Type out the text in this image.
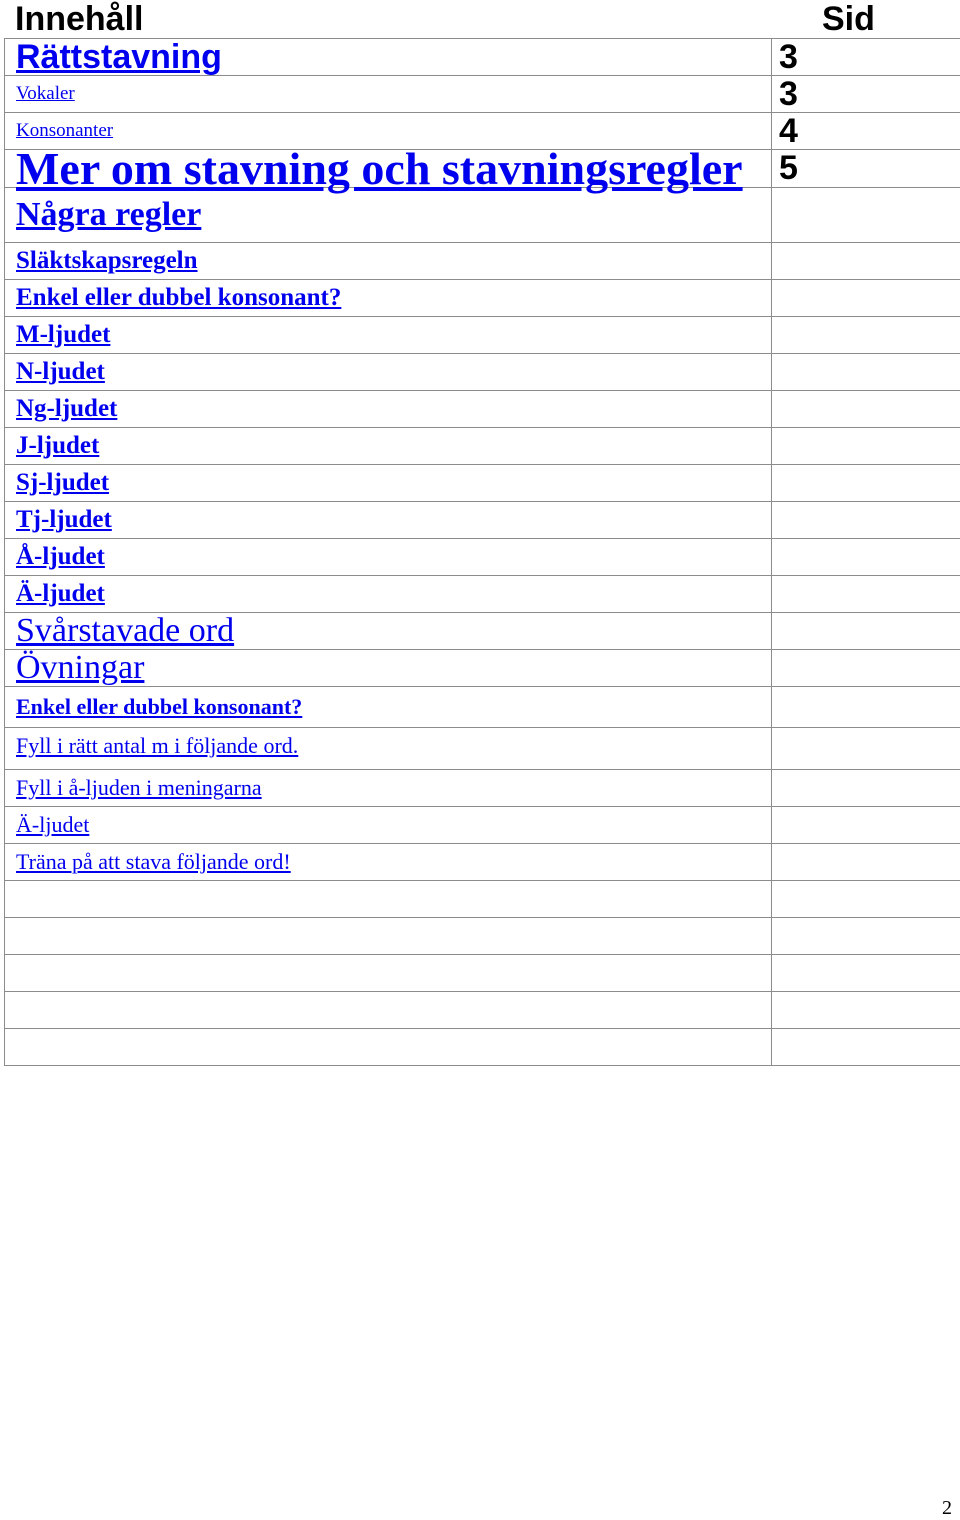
Innehåll	Sid
Rättstavning	3

Vokaler	3

Konsonanter	4

Mer om stavning och stavningsregler	5

Några regler	

Släktskapsregeln	

Enkel eller dubbel konsonant?	

M-ljudet	

N-ljudet	

Ng-ljudet	

J-ljudet	

Sj-ljudet	

Tj-ljudet	

Å-ljudet	

Ä-ljudet	

Svårstavade ord	

Övningar	

Enkel eller dubbel konsonant?	

Fyll i rätt antal m i följande ord.	

Fyll i å-ljuden i meningarna	

Ä-ljudet	

Träna på att stava följande ord!	

2
